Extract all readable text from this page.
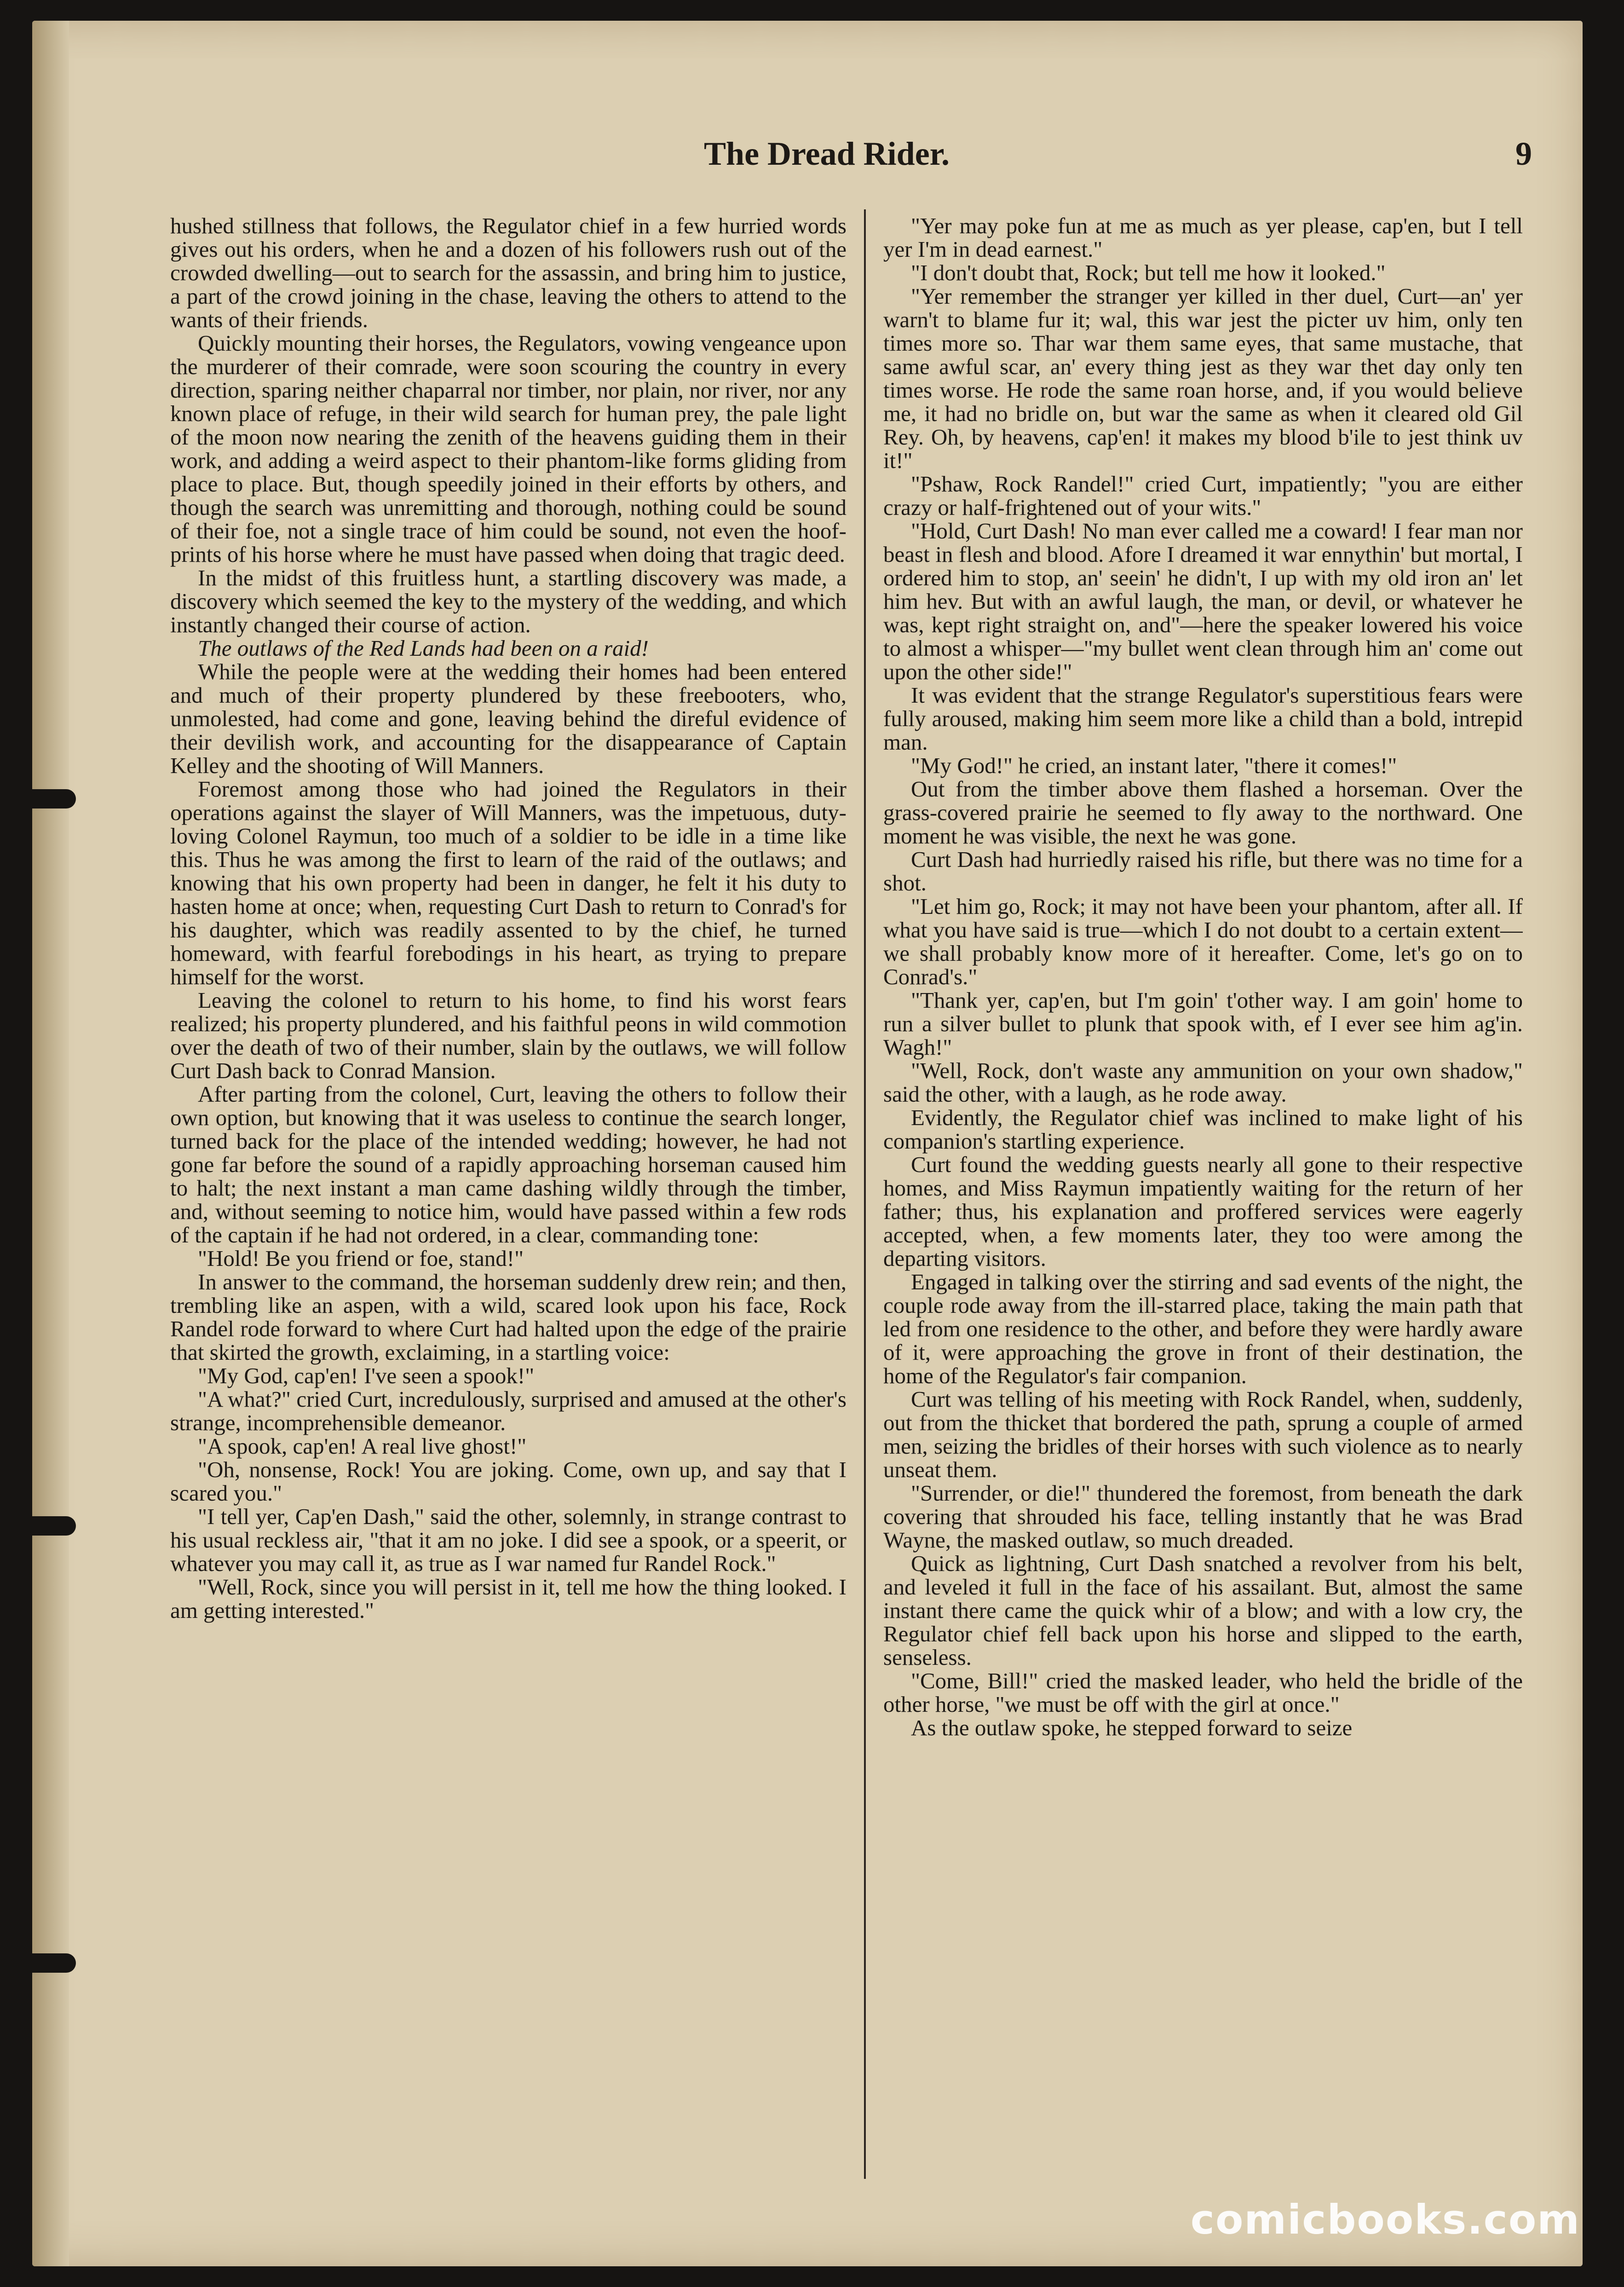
The Dread Rider.	9

hushed stillness that follows, the Regulator chief in a few hurried words gives out his orders, when he and a dozen of his followers rush out of the crowded dwelling—out to search for the assassin, and bring him to justice, a part of the crowd joining in the chase, leaving the others to attend to the wants of their friends.

Quickly mounting their horses, the Regulators, vowing vengeance upon the murderer of their comrade, were soon scouring the country in every direction, sparing neither chaparral nor timber, nor plain, nor river, nor any known place of refuge, in their wild search for human prey, the pale light of the moon now nearing the zenith of the heavens guiding them in their work, and adding a weird aspect to their phantom-like forms gliding from place to place. But, though speedily joined in their efforts by others, and though the search was unremitting and thorough, nothing could be sound of their foe, not a single trace of him could be sound, not even the hoof-prints of his horse where he must have passed when doing that tragic deed.

In the midst of this fruitless hunt, a startling discovery was made, a discovery which seemed the key to the mystery of the wedding, and which instantly changed their course of action.

The outlaws of the Red Lands had been on a raid!

While the people were at the wedding their homes had been entered and much of their property plundered by these freebooters, who, unmolested, had come and gone, leaving behind the direful evidence of their devilish work, and accounting for the disappearance of Captain Kelley and the shooting of Will Manners.

Foremost among those who had joined the Regulators in their operations against the slayer of Will Manners, was the impetuous, duty-loving Colonel Raymun, too much of a soldier to be idle in a time like this. Thus he was among the first to learn of the raid of the outlaws; and knowing that his own property had been in danger, he felt it his duty to hasten home at once; when, requesting Curt Dash to return to Conrad's for his daughter, which was readily assented to by the chief, he turned homeward, with fearful forebodings in his heart, as trying to prepare himself for the worst.

Leaving the colonel to return to his home, to find his worst fears realized; his property plundered, and his faithful peons in wild commotion over the death of two of their number, slain by the outlaws, we will follow Curt Dash back to Conrad Mansion.

After parting from the colonel, Curt, leaving the others to follow their own option, but knowing that it was useless to continue the search longer, turned back for the place of the intended wedding; however, he had not gone far before the sound of a rapidly approaching horseman caused him to halt; the next instant a man came dashing wildly through the timber, and, without seeming to notice him, would have passed within a few rods of the captain if he had not ordered, in a clear, commanding tone:

"Hold! Be you friend or foe, stand!"

In answer to the command, the horseman suddenly drew rein; and then, trembling like an aspen, with a wild, scared look upon his face, Rock Randel rode forward to where Curt had halted upon the edge of the prairie that skirted the growth, exclaiming, in a startling voice:

"My God, cap'en! I've seen a spook!"

"A what?" cried Curt, incredulously, surprised and amused at the other's strange, incomprehensible demeanor.

"A spook, cap'en! A real live ghost!"

"Oh, nonsense, Rock! You are joking. Come, own up, and say that I scared you."

"I tell yer, Cap'en Dash," said the other, solemnly, in strange contrast to his usual reckless air, "that it am no joke. I did see a spook, or a speerit, or whatever you may call it, as true as I war named fur Randel Rock."

"Well, Rock, since you will persist in it, tell me how the thing looked. I am getting interested."

"Yer may poke fun at me as much as yer please, cap'en, but I tell yer I'm in dead earnest."

"I don't doubt that, Rock; but tell me how it looked."

"Yer remember the stranger yer killed in ther duel, Curt—an' yer warn't to blame fur it; wal, this war jest the picter uv him, only ten times more so. Thar war them same eyes, that same mustache, that same awful scar, an' every thing jest as they war thet day only ten times worse. He rode the same roan horse, and, if you would believe me, it had no bridle on, but war the same as when it cleared old Gil Rey. Oh, by heavens, cap'en! it makes my blood b'ile to jest think uv it!"

"Pshaw, Rock Randel!" cried Curt, impatiently; "you are either crazy or half-frightened out of your wits."

"Hold, Curt Dash! No man ever called me a coward! I fear man nor beast in flesh and blood. Afore I dreamed it war ennythin' but mortal, I ordered him to stop, an' seein' he didn't, I up with my old iron an' let him hev. But with an awful laugh, the man, or devil, or whatever he was, kept right straight on, and"—here the speaker lowered his voice to almost a whisper—"my bullet went clean through him an' come out upon the other side!"

It was evident that the strange Regulator's superstitious fears were fully aroused, making him seem more like a child than a bold, intrepid man.

"My God!" he cried, an instant later, "there it comes!"

Out from the timber above them flashed a horseman. Over the grass-covered prairie he seemed to fly away to the northward. One moment he was visible, the next he was gone.

Curt Dash had hurriedly raised his rifle, but there was no time for a shot.

"Let him go, Rock; it may not have been your phantom, after all. If what you have said is true—which I do not doubt to a certain extent—we shall probably know more of it hereafter. Come, let's go on to Conrad's."

"Thank yer, cap'en, but I'm goin' t'other way. I am goin' home to run a silver bullet to plunk that spook with, ef I ever see him ag'in. Wagh!"

"Well, Rock, don't waste any ammunition on your own shadow," said the other, with a laugh, as he rode away.

Evidently, the Regulator chief was inclined to make light of his companion's startling experience.

Curt found the wedding guests nearly all gone to their respective homes, and Miss Raymun impatiently waiting for the return of her father; thus, his explanation and proffered services were eagerly accepted, when, a few moments later, they too were among the departing visitors.

Engaged in talking over the stirring and sad events of the night, the couple rode away from the ill-starred place, taking the main path that led from one residence to the other, and before they were hardly aware of it, were approaching the grove in front of their destination, the home of the Regulator's fair companion.

Curt was telling of his meeting with Rock Randel, when, suddenly, out from the thicket that bordered the path, sprung a couple of armed men, seizing the bridles of their horses with such violence as to nearly unseat them.

"Surrender, or die!" thundered the foremost, from beneath the dark covering that shrouded his face, telling instantly that he was Brad Wayne, the masked outlaw, so much dreaded.

Quick as lightning, Curt Dash snatched a revolver from his belt, and leveled it full in the face of his assailant. But, almost the same instant there came the quick whir of a blow; and with a low cry, the Regulator chief fell back upon his horse and slipped to the earth, senseless.

"Come, Bill!" cried the masked leader, who held the bridle of the other horse, "we must be off with the girl at once."

As the outlaw spoke, he stepped forward to seize

comicbooks.com
